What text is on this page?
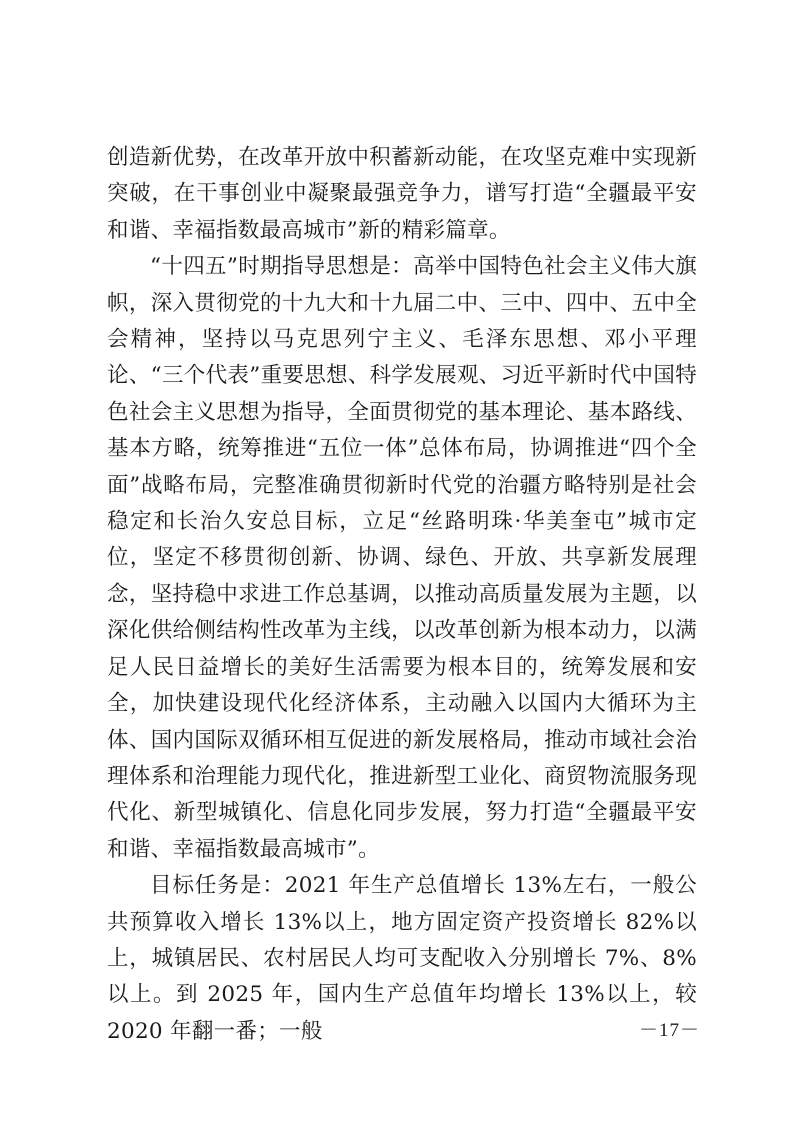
创造新优势，在改革开放中积蓄新动能，在攻坚克难中实现新突破，在干事创业中凝聚最强竞争力，谱写打造“全疆最平安和谐、幸福指数最高城市”新的精彩篇章。

“十四五”时期指导思想是：高举中国特色社会主义伟大旗帜，深入贯彻党的十九大和十九届二中、三中、四中、五中全会精神，坚持以马克思列宁主义、毛泽东思想、邓小平理论、“三个代表”重要思想、科学发展观、习近平新时代中国特色社会主义思想为指导，全面贯彻党的基本理论、基本路线、基本方略，统筹推进“五位一体”总体布局，协调推进“四个全面”战略布局，完整准确贯彻新时代党的治疆方略特别是社会稳定和长治久安总目标，立足“丝路明珠·华美奎屯”城市定位，坚定不移贯彻创新、协调、绿色、开放、共享新发展理念，坚持稳中求进工作总基调，以推动高质量发展为主题，以深化供给侧结构性改革为主线，以改革创新为根本动力，以满足人民日益增长的美好生活需要为根本目的，统筹发展和安全，加快建设现代化经济体系，主动融入以国内大循环为主体、国内国际双循环相互促进的新发展格局，推动市域社会治理体系和治理能力现代化，推进新型工业化、商贸物流服务现代化、新型城镇化、信息化同步发展，努力打造“全疆最平安和谐、幸福指数最高城市”。

目标任务是：2021 年生产总值增长 13%左右，一般公共预算收入增长 13%以上，地方固定资产投资增长 82%以上，城镇居民、农村居民人均可支配收入分别增长 7%、8%以上。到 2025 年，国内生产总值年均增长 13%以上，较 2020 年翻一番；一般	－17－
